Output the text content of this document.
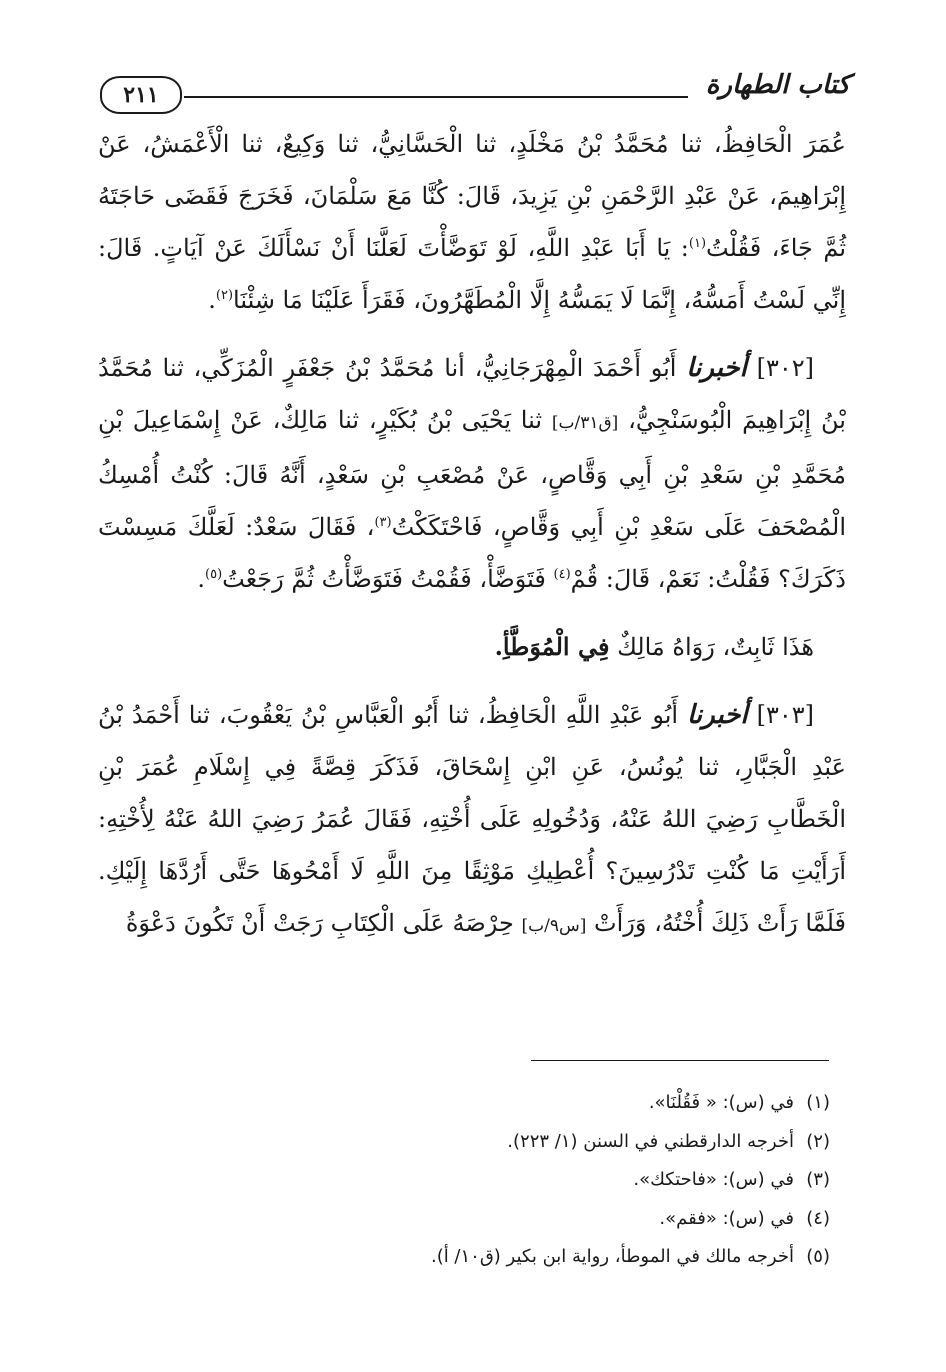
كتاب الطهارة
٢١١

عُمَرَ الْحَافِظُ، ثنا مُحَمَّدُ بْنُ مَخْلَدٍ، ثنا الْحَسَّانِيُّ، ثنا وَكِيعٌ، ثنا الْأَعْمَشُ، عَنْ إِبْرَاهِيمَ، عَنْ عَبْدِ الرَّحْمَنِ بْنِ يَزِيدَ، قَالَ: كُنَّا مَعَ سَلْمَانَ، فَخَرَجَ فَقَضَى حَاجَتَهُ ثُمَّ جَاءَ، فَقُلْتُ$^{(١)}$: يَا أَبَا عَبْدِ اللَّهِ، لَوْ تَوَضَّأْتَ لَعَلَّنَا أَنْ نَسْأَلَكَ عَنْ آيَاتٍ. قَالَ: إِنِّي لَسْتُ أَمَسُّهُ، إِنَّمَا لَا يَمَسُّهُ إِلَّا الْمُطَهَّرُونَ، فَقَرَأَ عَلَيْنَا مَا شِئْنَا$^{(٢)}$.

[٣٠٢] أخبرنا أَبُو أَحْمَدَ الْمِهْرَجَانِيُّ، أنا مُحَمَّدُ بْنُ جَعْفَرٍ الْمُزَكِّي، ثنا مُحَمَّدُ بْنُ إِبْرَاهِيمَ الْبُوسَنْجِيُّ، [ق٣١/ب] ثنا يَحْيَى بْنُ بُكَيْرٍ، ثنا مَالِكٌ، عَنْ إِسْمَاعِيلَ بْنِ مُحَمَّدِ بْنِ سَعْدِ بْنِ أَبِي وَقَّاصٍ، عَنْ مُصْعَبِ بْنِ سَعْدٍ، أَنَّهُ قَالَ: كُنْتُ أُمْسِكُ الْمُصْحَفَ عَلَى سَعْدِ بْنِ أَبِي وَقَّاصٍ، فَاحْتَكَكْتُ$^{(٣)}$، فَقَالَ سَعْدٌ: لَعَلَّكَ مَسِسْتَ ذَكَرَكَ؟ فَقُلْتُ: نَعَمْ، قَالَ: قُمْ$^{(٤)}$ فَتَوَضَّأْ، فَقُمْتُ فَتَوَضَّأْتُ ثُمَّ رَجَعْتُ$^{(٥)}$.

هَذَا ثَابِتٌ، رَوَاهُ مَالِكٌ فِي الْمُوَطَّأِ.

[٣٠٣] أخبرنا أَبُو عَبْدِ اللَّهِ الْحَافِظُ، ثنا أَبُو الْعَبَّاسِ بْنُ يَعْقُوبَ، ثنا أَحْمَدُ بْنُ عَبْدِ الْجَبَّارِ، ثنا يُونُسُ، عَنِ ابْنِ إِسْحَاقَ، فَذَكَرَ قِصَّةً فِي إِسْلَامِ عُمَرَ بْنِ الْخَطَّابِ رَضِيَ اللهُ عَنْهُ، وَدُخُولِهِ عَلَى أُخْتِهِ، فَقَالَ عُمَرُ رَضِيَ اللهُ عَنْهُ لِأُخْتِهِ: أَرَأَيْتِ مَا كُنْتِ تَدْرُسِينَ؟ أُعْطِيكِ مَوْثِقًا مِنَ اللَّهِ لَا أَمْحُوهَا حَتَّى أَرُدَّهَا إِلَيْكِ. فَلَمَّا رَأَتْ ذَلِكَ أُخْتُهُ، وَرَأَتْ [س٩/ب] حِرْصَهُ عَلَى الْكِتَابِ رَجَتْ أَنْ تَكُونَ دَعْوَةُ

(١)في (س): « فَقُلْنَا».
(٢)أخرجه الدارقطني في السنن (١/ ٢٢٣).
(٣)في (س): «فاحتكك».
(٤)في (س): «فقم».
(٥)أخرجه مالك في الموطأ، رواية ابن بكير (ق١٠/ أ).
